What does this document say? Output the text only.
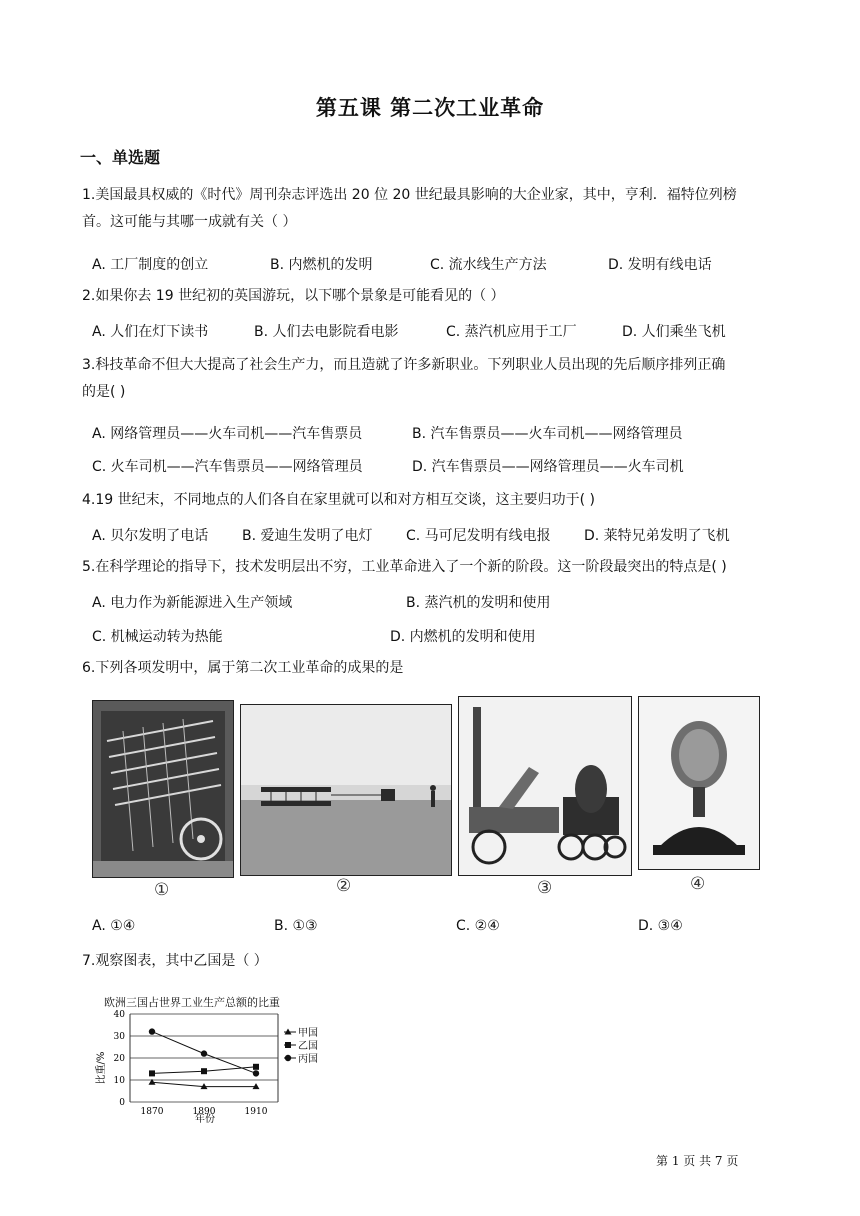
第五课 第二次工业革命
一、单选题
1.美国最具权威的《时代》周刊杂志评选出 20 位 20 世纪最具影响的大企业家，其中，亨利．福特位列榜
首。这可能与其哪一成就有关（ ）
A. 工厂制度的创立	B. 内燃机的发明	C. 流水线生产方法	D. 发明有线电话
2.如果你去 19 世纪初的英国游玩，以下哪个景象是可能看见的（ ）
A. 人们在灯下读书	B. 人们去电影院看电影	C. 蒸汽机应用于工厂	D. 人们乘坐飞机
3.科技革命不但大大提高了社会生产力，而且造就了许多新职业。下列职业人员出现的先后顺序排列正确
的是( )
A. 网络管理员——火车司机——汽车售票员	B. 汽车售票员——火车司机——网络管理员
C. 火车司机——汽车售票员——网络管理员	D. 汽车售票员——网络管理员——火车司机
4.19 世纪末，不同地点的人们各自在家里就可以和对方相互交谈，这主要归功于( )
A. 贝尔发明了电话 B. 爱迪生发明了电灯 C. 马可尼发明有线电报 D. 莱特兄弟发明了飞机
5.在科学理论的指导下，技术发明层出不穷，工业革命进入了一个新的阶段。这一阶段最突出的特点是( )
A. 电力作为新能源进入生产领域	B. 蒸汽机的发明和使用
C. 机械运动转为热能	D. 内燃机的发明和使用
6.下列各项发明中，属于第二次工业革命的成果的是
①	②	③	④
A. ①④	B. ①③	C. ②④	D. ③④
7.观察图表，其中乙国是（ ）
欧洲三国占世界工业生产总额的比重
0
10
20
30
40
1870	1890	1910
甲国
乙国
丙国
比重/%
年份
第 1 页 共 7 页
